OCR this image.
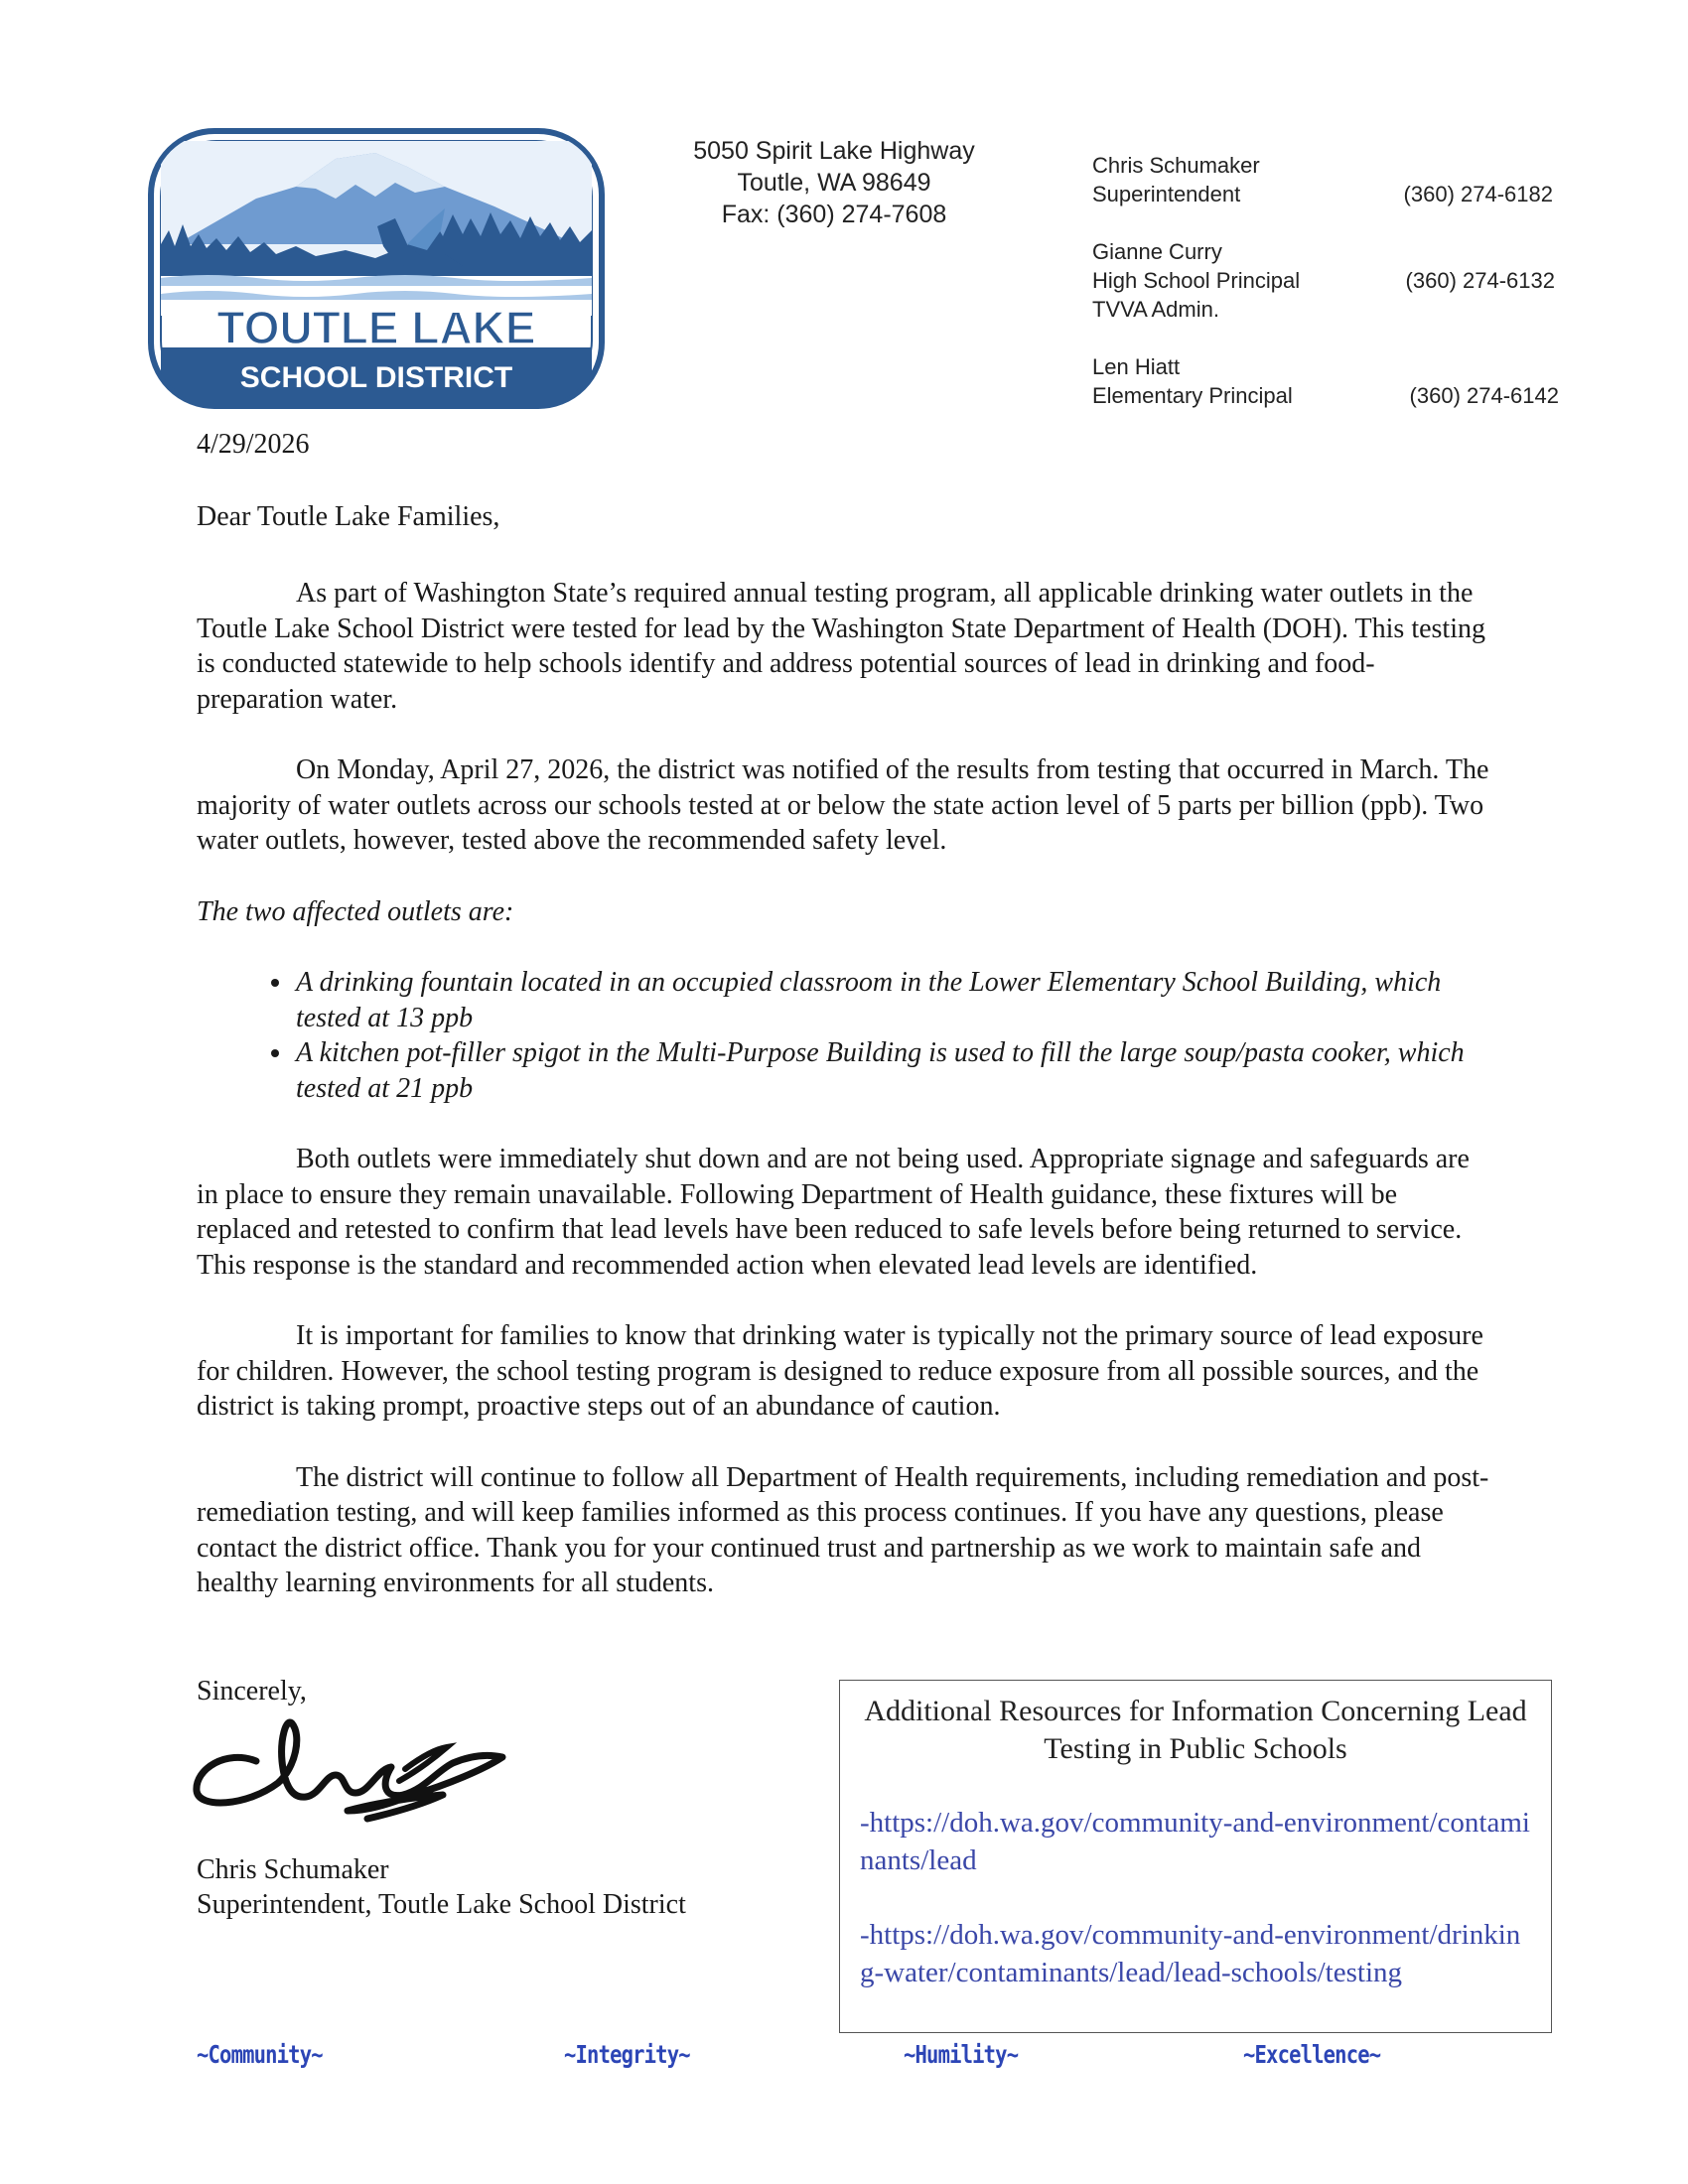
TOUTLE LAKE
SCHOOL DISTRICT
5050 Spirit Lake Highway
Toutle, WA 98649
Fax: (360) 274-7608
Chris Schumaker
Superintendent	(360) 274-6182
Gianne Curry
High School Principal	(360) 274-6132
TVVA Admin.
Len Hiatt
Elementary Principal	(360) 274-6142
4/29/2026
Dear Toutle Lake Families,

As part of Washington State’s required annual testing program, all applicable drinking water outlets in the Toutle Lake School District were tested for lead by the Washington State Department of Health (DOH). This testing is conducted statewide to help schools identify and address potential sources of lead in drinking and food-preparation water.

On Monday, April 27, 2026, the district was notified of the results from testing that occurred in March. The majority of water outlets across our schools tested at or below the state action level of 5 parts per billion (ppb). Two water outlets, however, tested above the recommended safety level.

The two affected outlets are:

• A drinking fountain located in an occupied classroom in the Lower Elementary School Building, which tested at 13 ppb
• A kitchen pot-filler spigot in the Multi-Purpose Building is used to fill the large soup/pasta cooker, which tested at 21 ppb

Both outlets were immediately shut down and are not being used. Appropriate signage and safeguards are in place to ensure they remain unavailable. Following Department of Health guidance, these fixtures will be replaced and retested to confirm that lead levels have been reduced to safe levels before being returned to service. This response is the standard and recommended action when elevated lead levels are identified.

It is important for families to know that drinking water is typically not the primary source of lead exposure for children. However, the school testing program is designed to reduce exposure from all possible sources, and the district is taking prompt, proactive steps out of an abundance of caution.

The district will continue to follow all Department of Health requirements, including remediation and post-remediation testing, and will keep families informed as this process continues. If you have any questions, please contact the district office. Thank you for your continued trust and partnership as we work to maintain safe and healthy learning environments for all students.

Sincerely,
Chris Schumaker
Superintendent, Toutle Lake School District
Additional Resources for Information Concerning Lead Testing in Public Schools
-https://doh.wa.gov/community-and-environment/contaminants/lead
-https://doh.wa.gov/community-and-environment/drinking-water/contaminants/lead/lead-schools/testing
~Community~	~Integrity~	~Humility~	~Excellence~
